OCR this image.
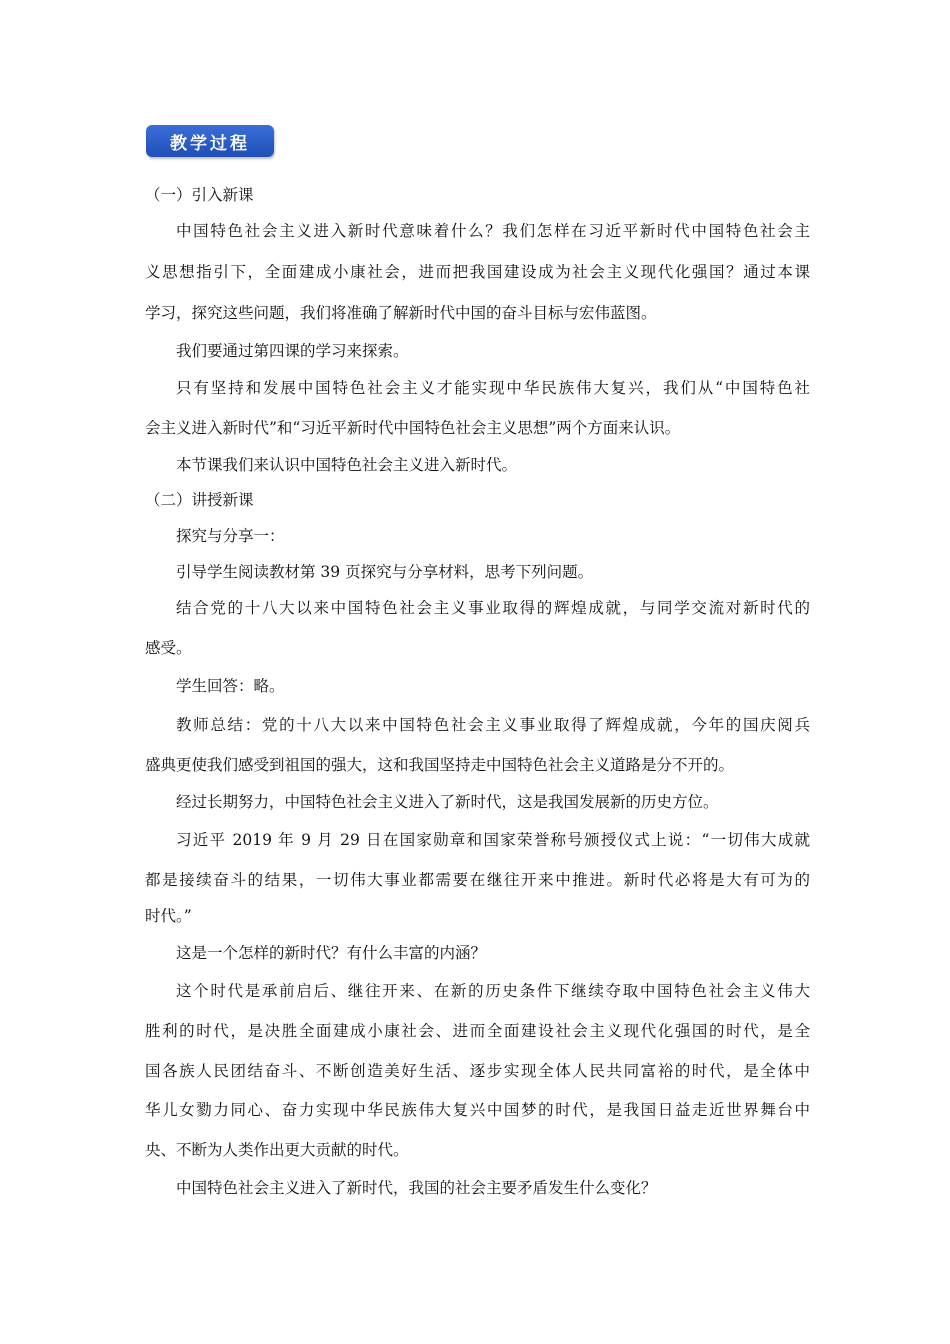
教学过程
（一）引入新课
中国特色社会主义进入新时代意味着什么？我们怎样在习近平新时代中国特色社会主
义思想指引下，全面建成小康社会，进而把我国建设成为社会主义现代化强国？通过本课
学习，探究这些问题，我们将准确了解新时代中国的奋斗目标与宏伟蓝图。
我们要通过第四课的学习来探索。
只有坚持和发展中国特色社会主义才能实现中华民族伟大复兴，我们从“中国特色社
会主义进入新时代”和“习近平新时代中国特色社会主义思想”两个方面来认识。
本节课我们来认识中国特色社会主义进入新时代。
（二）讲授新课
探究与分享一：
引导学生阅读教材第 39 页探究与分享材料，思考下列问题。
结合党的十八大以来中国特色社会主义事业取得的辉煌成就，与同学交流对新时代的
感受。
学生回答：略。
教师总结：党的十八大以来中国特色社会主义事业取得了辉煌成就，今年的国庆阅兵
盛典更使我们感受到祖国的强大，这和我国坚持走中国特色社会主义道路是分不开的。
经过长期努力，中国特色社会主义进入了新时代，这是我国发展新的历史方位。
习近平 2019 年 9 月 29 日在国家勋章和国家荣誉称号颁授仪式上说：“一切伟大成就
都是接续奋斗的结果，一切伟大事业都需要在继往开来中推进。新时代必将是大有可为的
时代。”
这是一个怎样的新时代？有什么丰富的内涵？
这个时代是承前启后、继往开来、在新的历史条件下继续夺取中国特色社会主义伟大
胜利的时代，是决胜全面建成小康社会、进而全面建设社会主义现代化强国的时代，是全
国各族人民团结奋斗、不断创造美好生活、逐步实现全体人民共同富裕的时代，是全体中
华儿女勠力同心、奋力实现中华民族伟大复兴中国梦的时代，是我国日益走近世界舞台中
央、不断为人类作出更大贡献的时代。
中国特色社会主义进入了新时代，我国的社会主要矛盾发生什么变化？
